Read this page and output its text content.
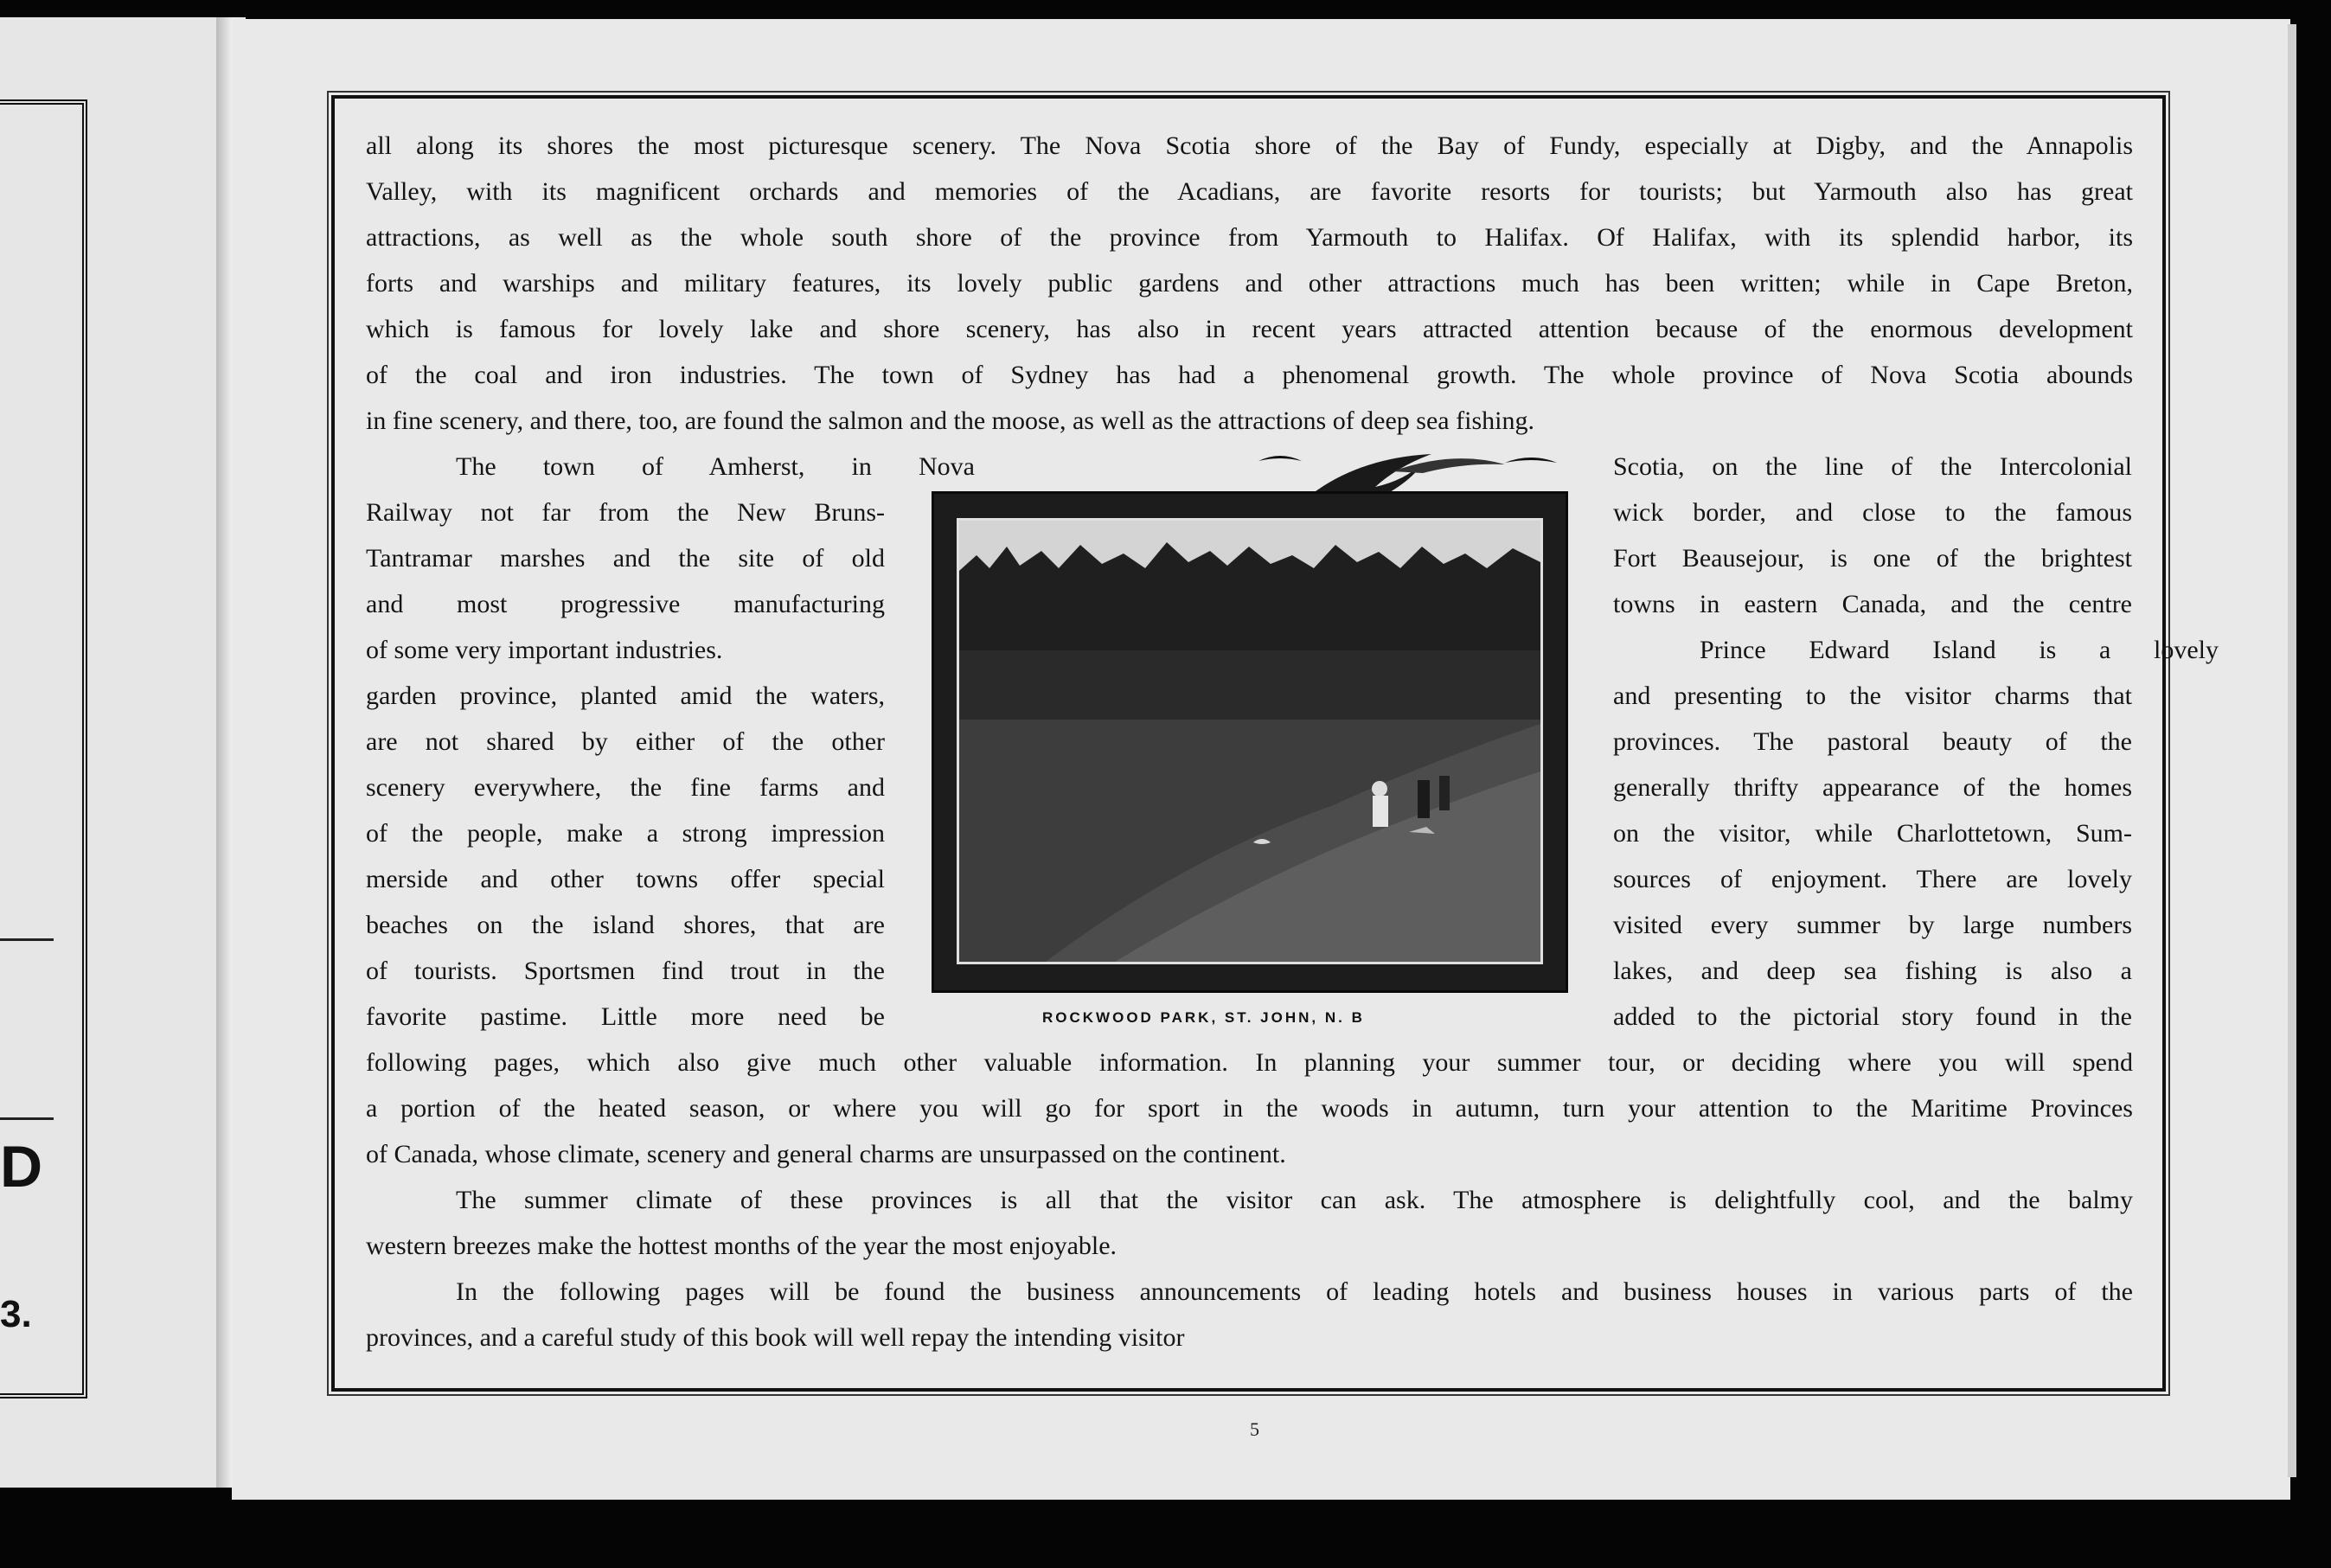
D
3.
all along its shores the most picturesque scenery. The Nova Scotia shore of the Bay of Fundy, especially at Digby, and the Annapolis
Valley, with its magnificent orchards and memories of the Acadians, are favorite resorts for tourists; but Yarmouth also has great
attractions, as well as the whole south shore of the province from Yarmouth to Halifax. Of Halifax, with its splendid harbor, its
forts and warships and military features, its lovely public gardens and other attractions much has been written; while in Cape Breton,
which is famous for lovely lake and shore scenery, has also in recent years attracted attention because of the enormous development
of the coal and iron industries. The town of Sydney has had a phenomenal growth. The whole province of Nova Scotia abounds
in fine scenery, and there, too, are found the salmon and the moose, as well as the attractions of deep sea fishing.
The town of Amherst, in Nova
Railway not far from the New Bruns-
Tantramar marshes and the site of old
and most progressive manufacturing
of some very important industries.
garden province, planted amid the waters,
are not shared by either of the other
scenery everywhere, the fine farms and
of the people, make a strong impression
merside and other towns offer special
beaches on the island shores, that are
of tourists. Sportsmen find trout in the
favorite pastime. Little more need be
Scotia, on the line of the Intercolonial
wick border, and close to the famous
Fort Beausejour, is one of the brightest
towns in eastern Canada, and the centre
Prince Edward Island is a lovely
and presenting to the visitor charms that
provinces. The pastoral beauty of the
generally thrifty appearance of the homes
on the visitor, while Charlottetown, Sum-
sources of enjoyment. There are lovely
visited every summer by large numbers
lakes, and deep sea fishing is also a
added to the pictorial story found in the
ROCKWOOD PARK, ST. JOHN, N. B
following pages, which also give much other valuable information. In planning your summer tour, or deciding where you will spend
a portion of the heated season, or where you will go for sport in the woods in autumn, turn your attention to the Maritime Provinces
of Canada, whose climate, scenery and general charms are unsurpassed on the continent.
The summer climate of these provinces is all that the visitor can ask. The atmosphere is delightfully cool, and the balmy
western breezes make the hottest months of the year the most enjoyable.
In the following pages will be found the business announcements of leading hotels and business houses in various parts of the
provinces, and a careful study of this book will well repay the intending visitor
5
